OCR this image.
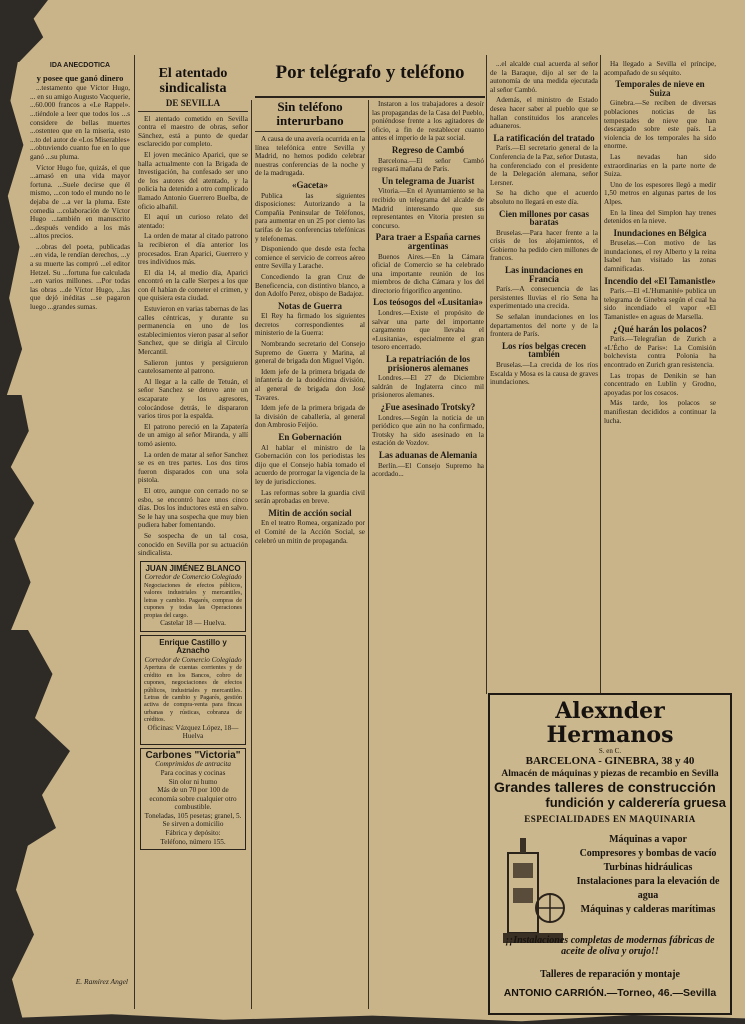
Por telégrafo y teléfono
IDA ANECDOTICA
y posee que ganó dinero
...testamento que Víctor Hugo, ... en su amigo Augusto Vacquerie, ...60.000 francos a «Le Rappel». ...tiéndole a leer que todos los ...s considere de bellas muertes ...ostenteo que en la miseria, esto ...to del autor de «Los Miserables» ...obtuviendo cuanto fue en lo que ganó ...su pluma.
Víctor Hugo fue, quizás, el que ...amasó en una vida mayor fortuna. ...Suele decirse que él mismo, ...con todo el mundo no le dejaba de ...a ver la pluma. Este comedia ...colaboración de Víctor Hugo ...también en manuscrito ...después vendido a los más ...altos precios.
...obras del poeta, publicadas ...en vida, le rendían derechos, ...y a su muerte las compró ...el editor Hetzel. Su ...fortuna fue calculada ...en varios millones. ...Por todas las obras ...de Víctor Hugo, ...las que dejó inéditas ...se pagaron luego ...grandes sumas.
E. Ramírez Angel
El atentado sindicalista
DE SEVILLA

El atentado cometido en Sevilla contra el maestro de obras, señor Sánchez, está a punto de quedar esclarecido por completo.

El joven mecánico Aparici, que se halla actualmente con la Brigada de Investigación, ha confesado ser uno de los autores del atentado, y la policía ha detenido a otro complicado llamado Antonio Guerrero Buelba, de oficio albañil.

El aquí un curioso relato del atentado:

La orden de matar al citado patrono la recibieron el día anterior los procesados. Eran Aparici, Guerrero y tres individuos más.

El día 14, al medio día, Aparici encontró en la calle Sierpes a los que con él habían de cometer el crimen, y que quisiera esta ciudad.

Estuvieron en varias tabernas de las calles céntricas, y durante su permanencia en uno de los establecimientos vieron pasar al señor Sanchez, que se dirigía al Círculo Mercantil.

Salieron juntos y persiguieron cautelosamente al patrono.

Al llegar a la calle de Tetuán, el señor Sanchez se detuvo ante un escaparate y los agresores, colocándose detrás, le dispararon varios tiros por la espalda.

El patrono pereció en la Zapatería de un amigo al señor Miranda, y allí tomó asiento.

La orden de matar al señor Sanchez se es en tres partes. Los dos tiros fueron disparados con una sola pistola.

El otro, aunque con cerrado no se esbo, se encontró hace unos cinco días. Dos los inductores está en salvo. Se le hay una sospecha que muy bien pudiera haber fomentando.

Se sospecha de un tal cosa, conocido en Sevilla por su actuación sindicalista.

JUAN JIMÉNEZ BLANCO
Corredor de Comercio Colegiado
Negociaciones de efectos públicos, valores industriales y mercantiles, letras y cambio. Pagarés, compras de cupones y todas las Operaciones propias del cargo.
Castelar 18 — Huelva.
Enrique Castillo y Aznacho
Corredor de Comercio Colegiado
Apertura de cuentas corrientes y de crédito en los Bancos, cobro de cupones, negociaciones de efectos públicos, industriales y mercantiles. Letras de cambio y Pagarés, gestión activa de compra-venta para fincas urbanas y rústicas, cobranza de créditos.
Oficinas: Vázquez López, 18—Huelva
Carbones "Victoria"
Comprimidos de antracita
Para cocinas y cocinas
Sin olor ni humo
Más de un 70 por 100 de economía sobre cualquier otro combustible.
Toneladas, 105 pesetas; granel, 5.
Se sirven a domicilio
Fábrica y depósito:
Teléfono, número 155.
Sin teléfono interurbano

A causa de una avería ocurrida en la línea telefónica entre Sevilla y Madrid, no hemos podido celebrar nuestras conferencias de la noche y de la madrugada.

«Gaceta»

Publica las siguientes disposiciones: Autorizando a la Compañía Peninsular de Teléfonos, para aumentar en un 25 por ciento las tarifas de las conferencias telefónicas y telefonemas.

Disponiendo que desde esta fecha comience el servicio de correos aéreo entre Sevilla y Larache.

Concediendo la gran Cruz de Beneficencia, con distintivo blanco, a don Adolfo Perez, obispo de Badajoz.

Notas de Guerra

El Rey ha firmado los siguientes decretos correspondientes al ministerio de la Guerra:

Nombrando secretario del Consejo Supremo de Guerra y Marina, al general de brigada don Miguel Vigón.

Idem jefe de la primera brigada de infantería de la duodécima división, al general de brigada don José Tavares.

Idem jefe de la primera brigada de la división de caballería, al general don Ambrosio Feijóo.

En Gobernación

Al hablar el ministro de la Gobernación con los periodistas les dijo que el Consejo había tomado el acuerdo de prorrogar la vigencia de la ley de jurisdicciones.

Las reformas sobre la guardia civil serán aprobadas en breve.

Mitin de acción social

En el teatro Romea, organizado por el Comité de la Acción Social, se celebró un mitin de propaganda.

Instaron a los trabajadores a desoír las propagandas de la Casa del Pueblo, poniéndose frente a los agitadores de oficio, a fin de restablecer cuanto antes el imperio de la paz social.

Regreso de Cambó

Barcelona.—El señor Cambó regresará mañana de París.

Un telegrama de Juarist

Vitoria.—En el Ayuntamiento se ha recibido un telegrama del alcalde de Madrid interesando que sus representantes en Vitoria presten su concurso.

Para traer a España carnes argentinas

Buenos Aires.—En la Cámara oficial de Comercio se ha celebrado una importante reunión de los miembros de dicha Cámara y los del directorio frigorífico argentino.

Los teósogos del «Lusitania»

Londres.—Existe el propósito de salvar una parte del importante cargamento que llevaba el «Lusitania», especialmente el gran tesoro encerrado.

La repatriación de los prisioneros alemanes

Londres.—El 27 de Diciembre saldrán de Inglaterra cinco mil prisioneros alemanes.

¿Fue asesinado Trotsky?

Londres.—Según la noticia de un periódico que aún no ha confirmado, Trotsky ha sido asesinado en la estación de Vozdov.

Las aduanas de Alemania

Berlín.—El Consejo Supremo ha acordado...

...el alcalde cual acuerda al señor de la Baraque, dijo al ser de la autonomía de una medida ejecutada al señor Cambó.

Además, el ministro de Estado desea hacer saber al pueblo que se hallan constituidos los aranceles aduaneros.

La ratificación del tratado

París.—El secretario general de la Conferencia de la Paz, señor Dutasta, ha conferenciado con el presidente de la Delegación alemana, señor Lersner.

Se ha dicho que el acuerdo absoluto no llegará en este día.

Cien millones por casas baratas

Bruselas.—Para hacer frente a la crisis de los alojamientos, el Gobierno ha pedido cien millones de francos.

Las inundaciones en Francia

París.—A consecuencia de las persistentes lluvias el río Sena ha experimentado una crecida.

Se señalan inundaciones en los departamentos del norte y de la frontera de París.

Los ríos belgas crecen también

Bruselas.—La crecida de los ríos Escalda y Mosa es la causa de graves inundaciones.

Ha llegado a Sevilla el príncipe, acompañado de su séquito.

Temporales de nieve en Suiza

Ginebra.—Se reciben de diversas poblaciones noticias de las tempestades de nieve que han descargado sobre este país. La violencia de los temporales ha sido enorme.

Las nevadas han sido extraordinarias en la parte norte de Suiza.

Uno de los espesores llegó a medir 1,50 metros en algunas partes de los Alpes.

En la línea del Simplon hay trenes detenidos en la nieve.

Inundaciones en Bélgica

Bruselas.—Con motivo de las inundaciones, el rey Alberto y la reina Isabel han visitado las zonas damnificadas.

Incendio del «El Tamanistle»

París.—El «L'Humanité» publica un telegrama de Ginebra según el cual ha sido incendiado el vapor «El Tamanistle» en aguas de Marsella.

¿Qué harán los polacos?

París.—Telegrafían de Zurich a «L'Écho de Paris»: La Comisión bolchevista contra Polonia ha encontrado en Zurich gran resistencia.

Las tropas de Denikin se han concentrado en Lublín y Grodno, apoyadas por los cosacos.

Más tarde, los polacos se manifiestan decididos a continuar la lucha.

Alexnder Hermanos
S. en C.
BARCELONA - GINEBRA, 38 y 40
Almacén de máquinas y piezas de recambio en Sevilla
Grandes talleres de construcción
fundición y calderería gruesa
ESPECIALIDADES EN MAQUINARIA
Máquinas a vapor
Compresores y bombas de vacío
Turbinas hidráulicas
Instalaciones para la elevación de agua
Máquinas y calderas marítimas
¡¡Instalaciones completas de modernas fábricas de aceite de oliva y orujo!!
Talleres de reparación y montaje
ANTONIO CARRIÓN.—Torneo, 46.—Sevilla
